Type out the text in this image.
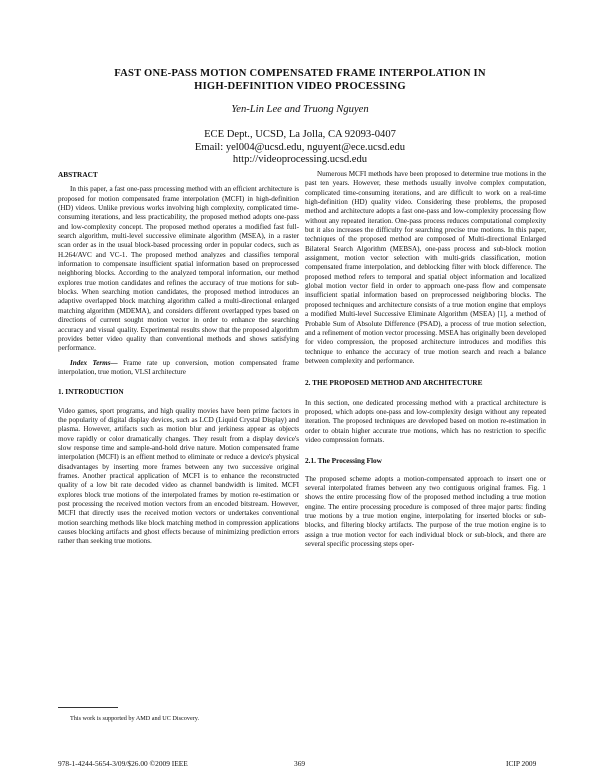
FAST ONE-PASS MOTION COMPENSATED FRAME INTERPOLATION IN
HIGH-DEFINITION VIDEO PROCESSING
Yen-Lin Lee and Truong Nguyen
ECE Dept., UCSD, La Jolla, CA 92093-0407
Email: yel004@ucsd.edu, nguyent@ece.ucsd.edu
http://videoprocessing.ucsd.edu

ABSTRACT

In this paper, a fast one-pass processing method with an efficient architecture is proposed for motion compensated frame interpolation (MCFI) in high-definition (HD) videos. Unlike previous works involving high complexity, complicated time-consuming iterations, and less practicability, the proposed method adopts one-pass and low-complexity concept. The proposed method operates a modified fast full-search algorithm, multi-level successive eliminate algorithm (MSEA), in a raster scan order as in the usual block-based processing order in popular codecs, such as H.264/AVC and VC-1. The proposed method analyzes and classifies temporal information to compensate insufficient spatial information based on preprocessed neighboring blocks. According to the analyzed temporal information, our method explores true motion candidates and refines the accuracy of true motions for sub-blocks. When searching motion candidates, the proposed method introduces an adaptive overlapped block matching algorithm called a multi-directional enlarged matching algorithm (MDEMA), and considers different overlapped types based on directions of current sought motion vector in order to enhance the searching accuracy and visual quality. Experimental results show that the proposed algorithm provides better video quality than conventional methods and shows satisfying performance.

Index Terms— Frame rate up conversion, motion compensated frame interpolation, true motion, VLSI architecture

1. INTRODUCTION

Video games, sport programs, and high quality movies have been prime factors in the popularity of digital display devices, such as LCD (Liquid Crystal Display) and plasma. However, artifacts such as motion blur and jerkiness appear as objects move rapidly or color dramatically changes. They result from a display device's slow response time and sample-and-hold drive nature. Motion compensated frame interpolation (MCFI) is an effient method to eliminate or reduce a device's physical disadvantages by inserting more frames between any two successive original frames. Another practical application of MCFI is to enhance the reconstructed quality of a low bit rate decoded video as channel bandwidth is limited. MCFI explores block true motions of the interpolated frames by motion re-estimation or post processing the received motion vectors from an encoded bitstream. However, MCFI that directly uses the received motion vectors or undertakes conventional motion searching methods like block matching method in compression applications causes blocking artifacts and ghost effects because of minimizing prediction errors rather than seeking true motions.

This work is supported by AMD and UC Discovery.

Numerous MCFI methods have been proposed to determine true motions in the past ten years. However, these methods usually involve complex computation, complicated time-consuming iterations, and are difficult to work on a real-time high-definition (HD) quality video. Considering these problems, the proposed method and architecture adopts a fast one-pass and low-complexity processing flow without any repeated iteration. One-pass process reduces computational complexity but it also increases the difficulty for searching precise true motions. In this paper, techniques of the proposed method are composed of Multi-directional Enlarged Bilateral Search Algorithm (MEBSA), one-pass process and sub-block motion assignment, motion vector selection with multi-grids classification, motion compensated frame interpolation, and deblocking filter with block difference. The proposed method refers to temporal and spatial object information and localized global motion vector field in order to approach one-pass flow and compensate insufficient spatial information based on preprocessed neighboring blocks. The proposed techniques and architecture consists of a true motion engine that employs a modified Multi-level Successive Eliminate Algorithm (MSEA) [1], a method of Probable Sum of Absolute Difference (PSAD), a process of true motion selection, and a refinement of motion vector processing. MSEA has originally been developed for video compression, the proposed architecture introduces and modifies this technique to enhance the accuracy of true motion search and reach a balance between complexity and performance.

2. THE PROPOSED METHOD AND ARCHITECTURE

In this section, one dedicated processing method with a practical architecture is proposed, which adopts one-pass and low-complexity design without any repeated iteration. The proposed techniques are developed based on motion re-estimation in order to obtain higher accurate true motions, which has no restriction to specific video compression formats.

2.1. The Processing Flow

The proposed scheme adopts a motion-compensated approach to insert one or several interpolated frames between any two contiguous original frames. Fig. 1 shows the entire processing flow of the proposed method including a true motion engine. The entire processing procedure is composed of three major parts: finding true motions by a true motion engine, interpolating for inserted blocks or sub-blocks, and filtering blocky artifacts. The purpose of the true motion engine is to assign a true motion vector for each individual block or sub-block, and there are several specific processing steps oper-

978-1-4244-5654-3/09/$26.00 ©2009 IEEE	369	ICIP 2009
